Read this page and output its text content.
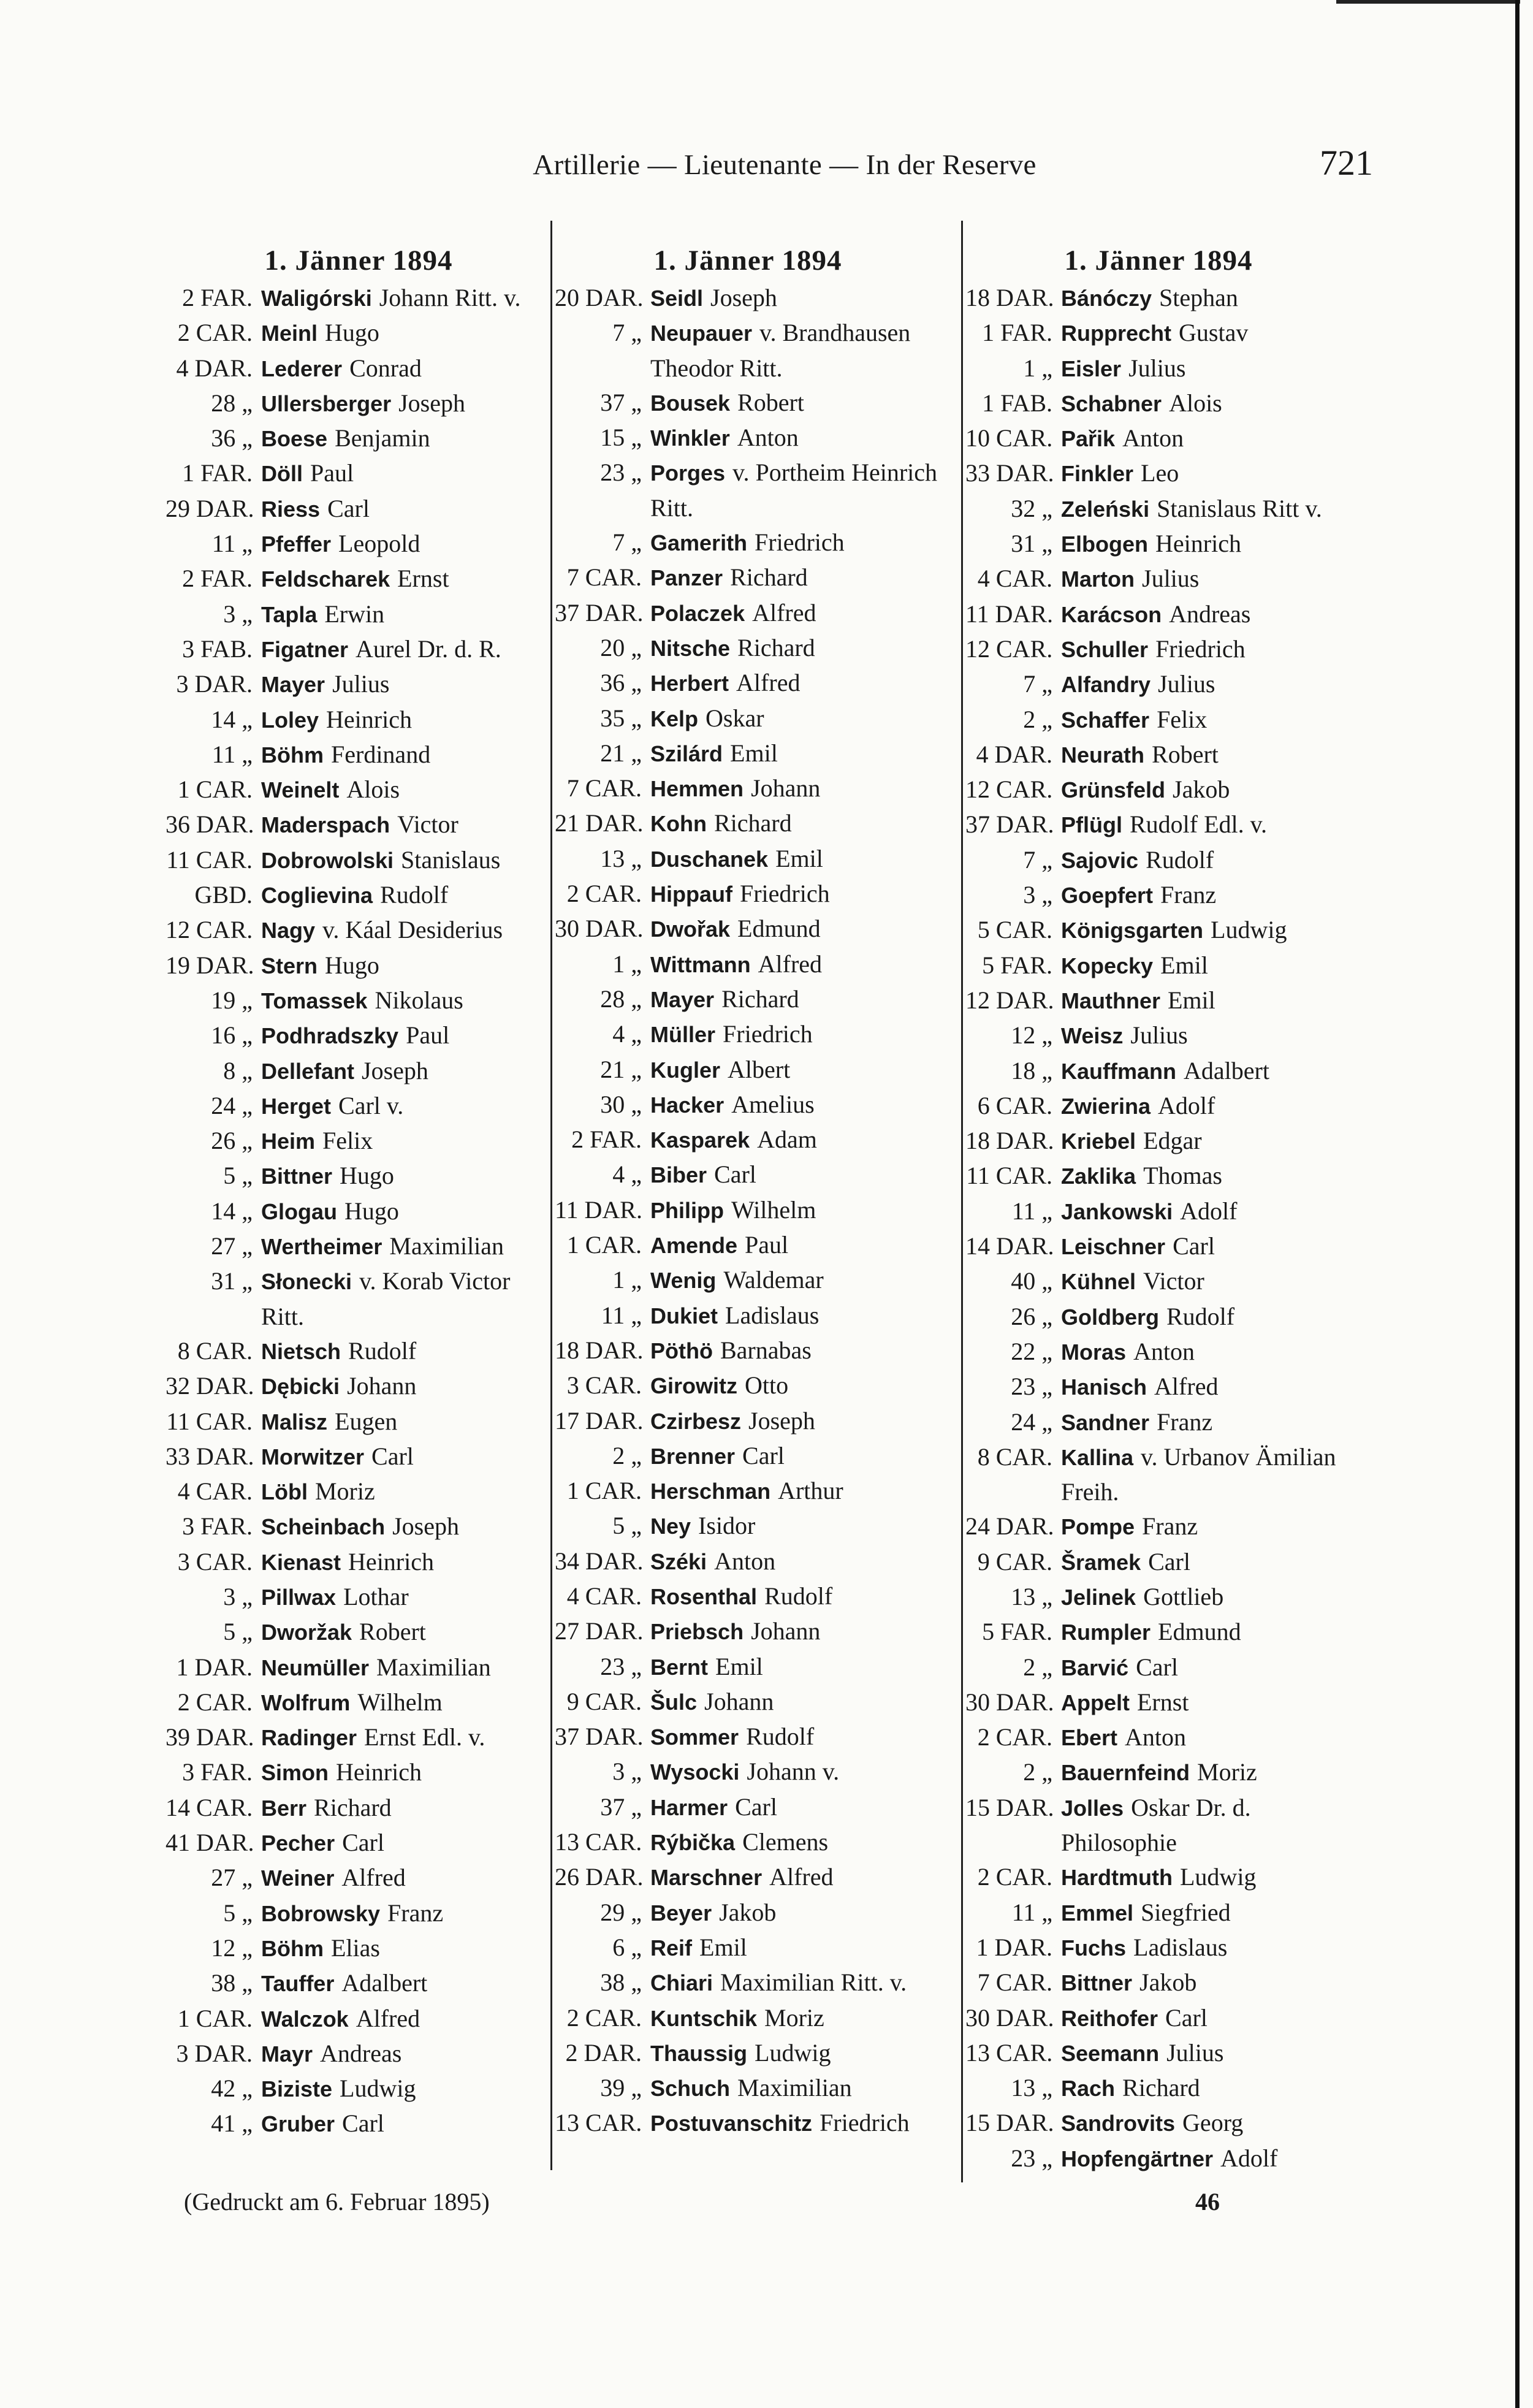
Artillerie — Lieutenante — In der Reserve	721
1. Jänner 1894
2 FAR. Waligórski Johann Ritt. v.
2 CAR. Meinl Hugo
4 DAR. Lederer Conrad
28 „ Ullersberger Joseph
36 „ Boese Benjamin
1 FAR. Döll Paul
29 DAR. Riess Carl
11 „ Pfeffer Leopold
2 FAR. Feldscharek Ernst
3 „ Tapla Erwin
3 FAB. Figatner Aurel Dr. d. R.
3 DAR. Mayer Julius
14 „ Loley Heinrich
11 „ Böhm Ferdinand
1 CAR. Weinelt Alois
36 DAR. Maderspach Victor
11 CAR. Dobrowolski Stanislaus
GBD. Coglievina Rudolf
12 CAR. Nagy v. Káal Desiderius
19 DAR. Stern Hugo
19 „ Tomassek Nikolaus
16 „ Podhradszky Paul
8 „ Dellefant Joseph
24 „ Herget Carl v.
26 „ Heim Felix
5 „ Bittner Hugo
14 „ Glogau Hugo
27 „ Wertheimer Maximilian
31 „ Słonecki v. Korab Victor Ritt.
8 CAR. Nietsch Rudolf
32 DAR. Dębicki Johann
11 CAR. Malisz Eugen
33 DAR. Morwitzer Carl
4 CAR. Löbl Moriz
3 FAR. Scheinbach Joseph
3 CAR. Kienast Heinrich
3 „ Pillwax Lothar
5 „ Dworžak Robert
1 DAR. Neumüller Maximilian
2 CAR. Wolfrum Wilhelm
39 DAR. Radinger Ernst Edl. v.
3 FAR. Simon Heinrich
14 CAR. Berr Richard
41 DAR. Pecher Carl
27 „ Weiner Alfred
5 „ Bobrowsky Franz
12 „ Böhm Elias
38 „ Tauffer Adalbert
1 CAR. Walczok Alfred
3 DAR. Mayr Andreas
42 „ Biziste Ludwig
41 „ Gruber Carl
1. Jänner 1894
20 DAR. Seidl Joseph
7 „ Neupauer v. Brandhausen Theodor Ritt.
37 „ Bousek Robert
15 „ Winkler Anton
23 „ Porges v. Portheim Heinrich Ritt.
7 „ Gamerith Friedrich
7 CAR. Panzer Richard
37 DAR. Polaczek Alfred
20 „ Nitsche Richard
36 „ Herbert Alfred
35 „ Kelp Oskar
21 „ Szilárd Emil
7 CAR. Hemmen Johann
21 DAR. Kohn Richard
13 „ Duschanek Emil
2 CAR. Hippauf Friedrich
30 DAR. Dwořak Edmund
1 „ Wittmann Alfred
28 „ Mayer Richard
4 „ Müller Friedrich
21 „ Kugler Albert
30 „ Hacker Amelius
2 FAR. Kasparek Adam
4 „ Biber Carl
11 DAR. Philipp Wilhelm
1 CAR. Amende Paul
1 „ Wenig Waldemar
11 „ Dukiet Ladislaus
18 DAR. Pöthö Barnabas
3 CAR. Girowitz Otto
17 DAR. Czirbesz Joseph
2 „ Brenner Carl
1 CAR. Herschman Arthur
5 „ Ney Isidor
34 DAR. Széki Anton
4 CAR. Rosenthal Rudolf
27 DAR. Priebsch Johann
23 „ Bernt Emil
9 CAR. Šulc Johann
37 DAR. Sommer Rudolf
3 „ Wysocki Johann v.
37 „ Harmer Carl
13 CAR. Rýbička Clemens
26 DAR. Marschner Alfred
29 „ Beyer Jakob
6 „ Reif Emil
38 „ Chiari Maximilian Ritt. v.
2 CAR. Kuntschik Moriz
2 DAR. Thaussig Ludwig
39 „ Schuch Maximilian
13 CAR. Postuvanschitz Friedrich
1. Jänner 1894
18 DAR. Bánóczy Stephan
1 FAR. Rupprecht Gustav
1 „ Eisler Julius
1 FAB. Schabner Alois
10 CAR. Pařik Anton
33 DAR. Finkler Leo
32 „ Zeleński Stanislaus Ritt v.
31 „ Elbogen Heinrich
4 CAR. Marton Julius
11 DAR. Karácson Andreas
12 CAR. Schuller Friedrich
7 „ Alfandry Julius
2 „ Schaffer Felix
4 DAR. Neurath Robert
12 CAR. Grünsfeld Jakob
37 DAR. Pflügl Rudolf Edl. v.
7 „ Sajovic Rudolf
3 „ Goepfert Franz
5 CAR. Königsgarten Ludwig
5 FAR. Kopecky Emil
12 DAR. Mauthner Emil
12 „ Weisz Julius
18 „ Kauffmann Adalbert
6 CAR. Zwierina Adolf
18 DAR. Kriebel Edgar
11 CAR. Zaklika Thomas
11 „ Jankowski Adolf
14 DAR. Leischner Carl
40 „ Kühnel Victor
26 „ Goldberg Rudolf
22 „ Moras Anton
23 „ Hanisch Alfred
24 „ Sandner Franz
8 CAR. Kallina v. Urbanov Ämilian Freih.
24 DAR. Pompe Franz
9 CAR. Šramek Carl
13 „ Jelinek Gottlieb
5 FAR. Rumpler Edmund
2 „ Barvić Carl
30 DAR. Appelt Ernst
2 CAR. Ebert Anton
2 „ Bauernfeind Moriz
15 DAR. Jolles Oskar Dr. d. Philosophie
2 CAR. Hardtmuth Ludwig
11 „ Emmel Siegfried
1 DAR. Fuchs Ladislaus
7 CAR. Bittner Jakob
30 DAR. Reithofer Carl
13 CAR. Seemann Julius
13 „ Rach Richard
15 DAR. Sandrovits Georg
23 „ Hopfengärtner Adolf
(Gedruckt am 6. Februar 1895)	46
